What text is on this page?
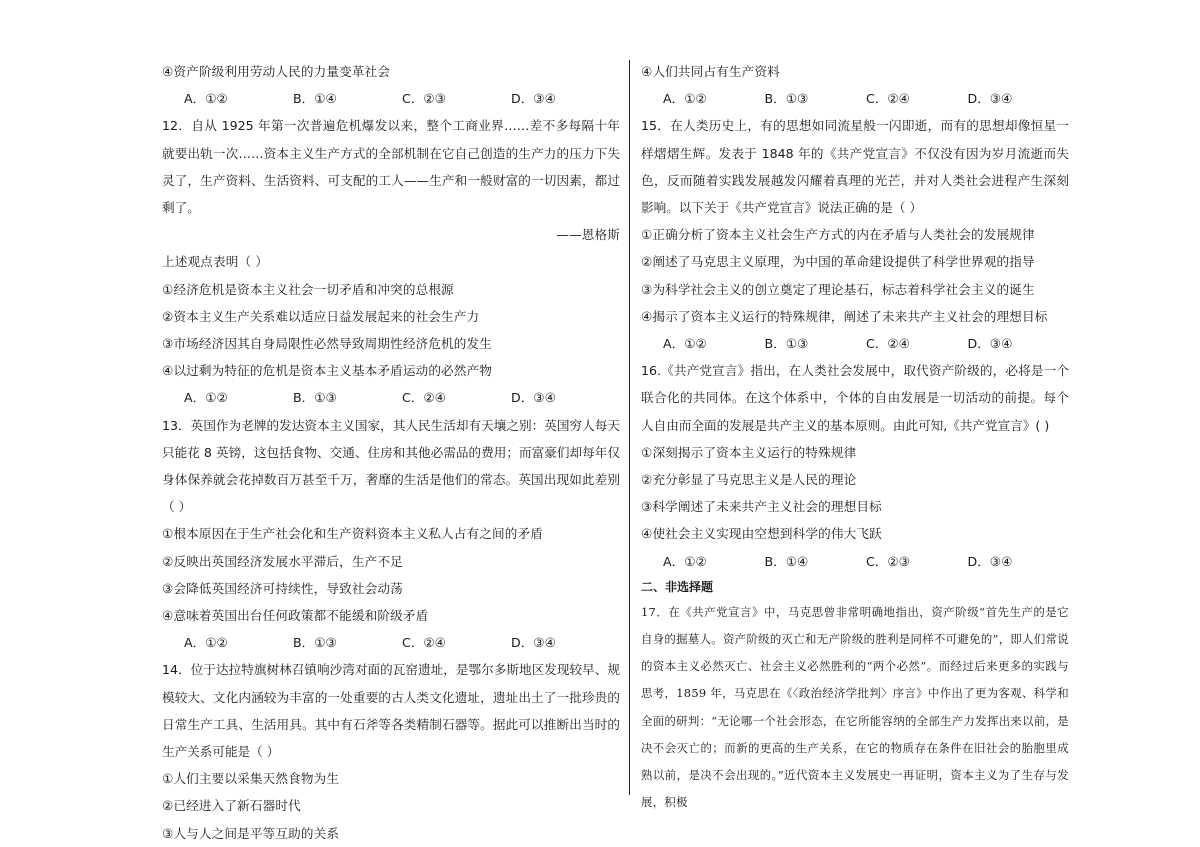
④资产阶级利用劳动人民的力量变革社会
A．①②	B．①④	C．②③	D．③④
12．自从 1925 年第一次普遍危机爆发以来，整个工商业界……差不多每隔十年就要出轨一次……资本主义生产方式的全部机制在它自己创造的生产力的压力下失灵了，生产资料、生活资料、可支配的工人——生产和一般财富的一切因素，都过剩了。
——恩格斯
上述观点表明（ ）
①经济危机是资本主义社会一切矛盾和冲突的总根源
②资本主义生产关系难以适应日益发展起来的社会生产力
③市场经济因其自身局限性必然导致周期性经济危机的发生
④以过剩为特征的危机是资本主义基本矛盾运动的必然产物
A．①②	B．①③	C．②④	D．③④
13．英国作为老牌的发达资本主义国家，其人民生活却有天壤之别：英国穷人每天只能花 8 英镑，这包括食物、交通、住房和其他必需品的费用；而富豪们却每年仅身体保养就会花掉数百万甚至千万，奢靡的生活是他们的常态。英国出现如此差别（ ）
①根本原因在于生产社会化和生产资料资本主义私人占有之间的矛盾
②反映出英国经济发展水平滞后，生产不足
③会降低英国经济可持续性，导致社会动荡
④意味着英国出台任何政策都不能缓和阶级矛盾
A．①②	B．①③	C．②④	D．③④
14．位于达拉特旗树林召镇响沙湾对面的瓦窑遗址，是鄂尔多斯地区发现较早、规模较大、文化内涵较为丰富的一处重要的古人类文化遗址，遗址出土了一批珍贵的日常生产工具、生活用具。其中有石斧等各类精制石器等。据此可以推断出当时的生产关系可能是（ ）
①人们主要以采集天然食物为生
②已经进入了新石器时代
③人与人之间是平等互助的关系
④人们共同占有生产资料
A．①②	B．①③	C．②④	D．③④
15．在人类历史上，有的思想如同流星般一闪即逝，而有的思想却像恒星一样熠熠生辉。发表于 1848 年的《共产党宣言》不仅没有因为岁月流逝而失色，反而随着实践发展越发闪耀着真理的光芒，并对人类社会进程产生深刻影响。以下关于《共产党宣言》说法正确的是（ ）
①正确分析了资本主义社会生产方式的内在矛盾与人类社会的发展规律
②阐述了马克思主义原理，为中国的革命建设提供了科学世界观的指导
③为科学社会主义的创立奠定了理论基石，标志着科学社会主义的诞生
④揭示了资本主义运行的特殊规律，阐述了未来共产主义社会的理想目标
A．①②	B．①③	C．②④	D．③④
16.《共产党宣言》指出，在人类社会发展中，取代资产阶级的，必将是一个联合化的共同体。在这个体系中，个体的自由发展是一切活动的前提。每个人自由而全面的发展是共产主义的基本原则。由此可知,《共产党宣言》( )
①深刻揭示了资本主义运行的特殊规律
②充分彰显了马克思主义是人民的理论
③科学阐述了未来共产主义社会的理想目标
④使社会主义实现由空想到科学的伟大飞跃
A．①②	B．①④	C．②③	D．③④
二、非选择题
17．在《共产党宣言》中，马克思曾非常明确地指出，资产阶级“首先生产的是它自身的掘墓人。资产阶级的灭亡和无产阶级的胜利是同样不可避免的”，即人们常说的资本主义必然灭亡、社会主义必然胜利的“两个必然”。而经过后来更多的实践与思考，1859 年，马克思在《〈政治经济学批判〉序言》中作出了更为客观、科学和全面的研判：“无论哪一个社会形态，在它所能容纳的全部生产力发挥出来以前，是决不会灭亡的；而新的更高的生产关系，在它的物质存在条件在旧社会的胎胞里成熟以前，是决不会出现的。”近代资本主义发展史一再证明，资本主义为了生存与发展，积极
